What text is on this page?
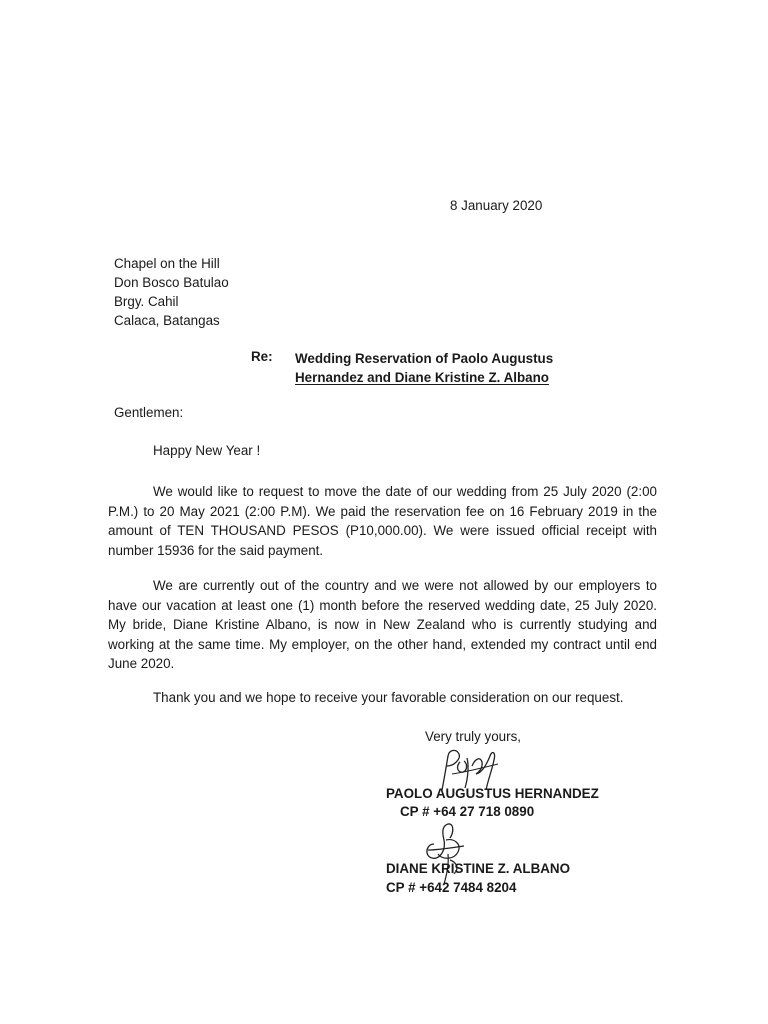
8 January 2020

Chapel on the Hill
Don Bosco Batulao
Brgy. Cahil
Calaca, Batangas
Re: Wedding Reservation of Paolo Augustus
Hernandez and Diane Kristine Z. Albano

Gentlemen:

Happy New Year !

We would like to request to move the date of our wedding from 25 July 2020 (2:00 P.M.) to 20 May 2021 (2:00 P.M). We paid the reservation fee on 16 February 2019 in the amount of TEN THOUSAND PESOS (P10,000.00). We were issued official receipt with number 15936 for the said payment.

We are currently out of the country and we were not allowed by our employers to have our vacation at least one (1) month before the reserved wedding date, 25 July 2020. My bride, Diane Kristine Albano, is now in New Zealand who is currently studying and working at the same time. My employer, on the other hand, extended my contract until end June 2020.

Thank you and we hope to receive your favorable consideration on our request.

Very truly yours,

PAOLO AUGUSTUS HERNANDEZ

CP # +64 27 718 0890

DIANE KRISTINE Z. ALBANO

CP # +642 7484 8204
